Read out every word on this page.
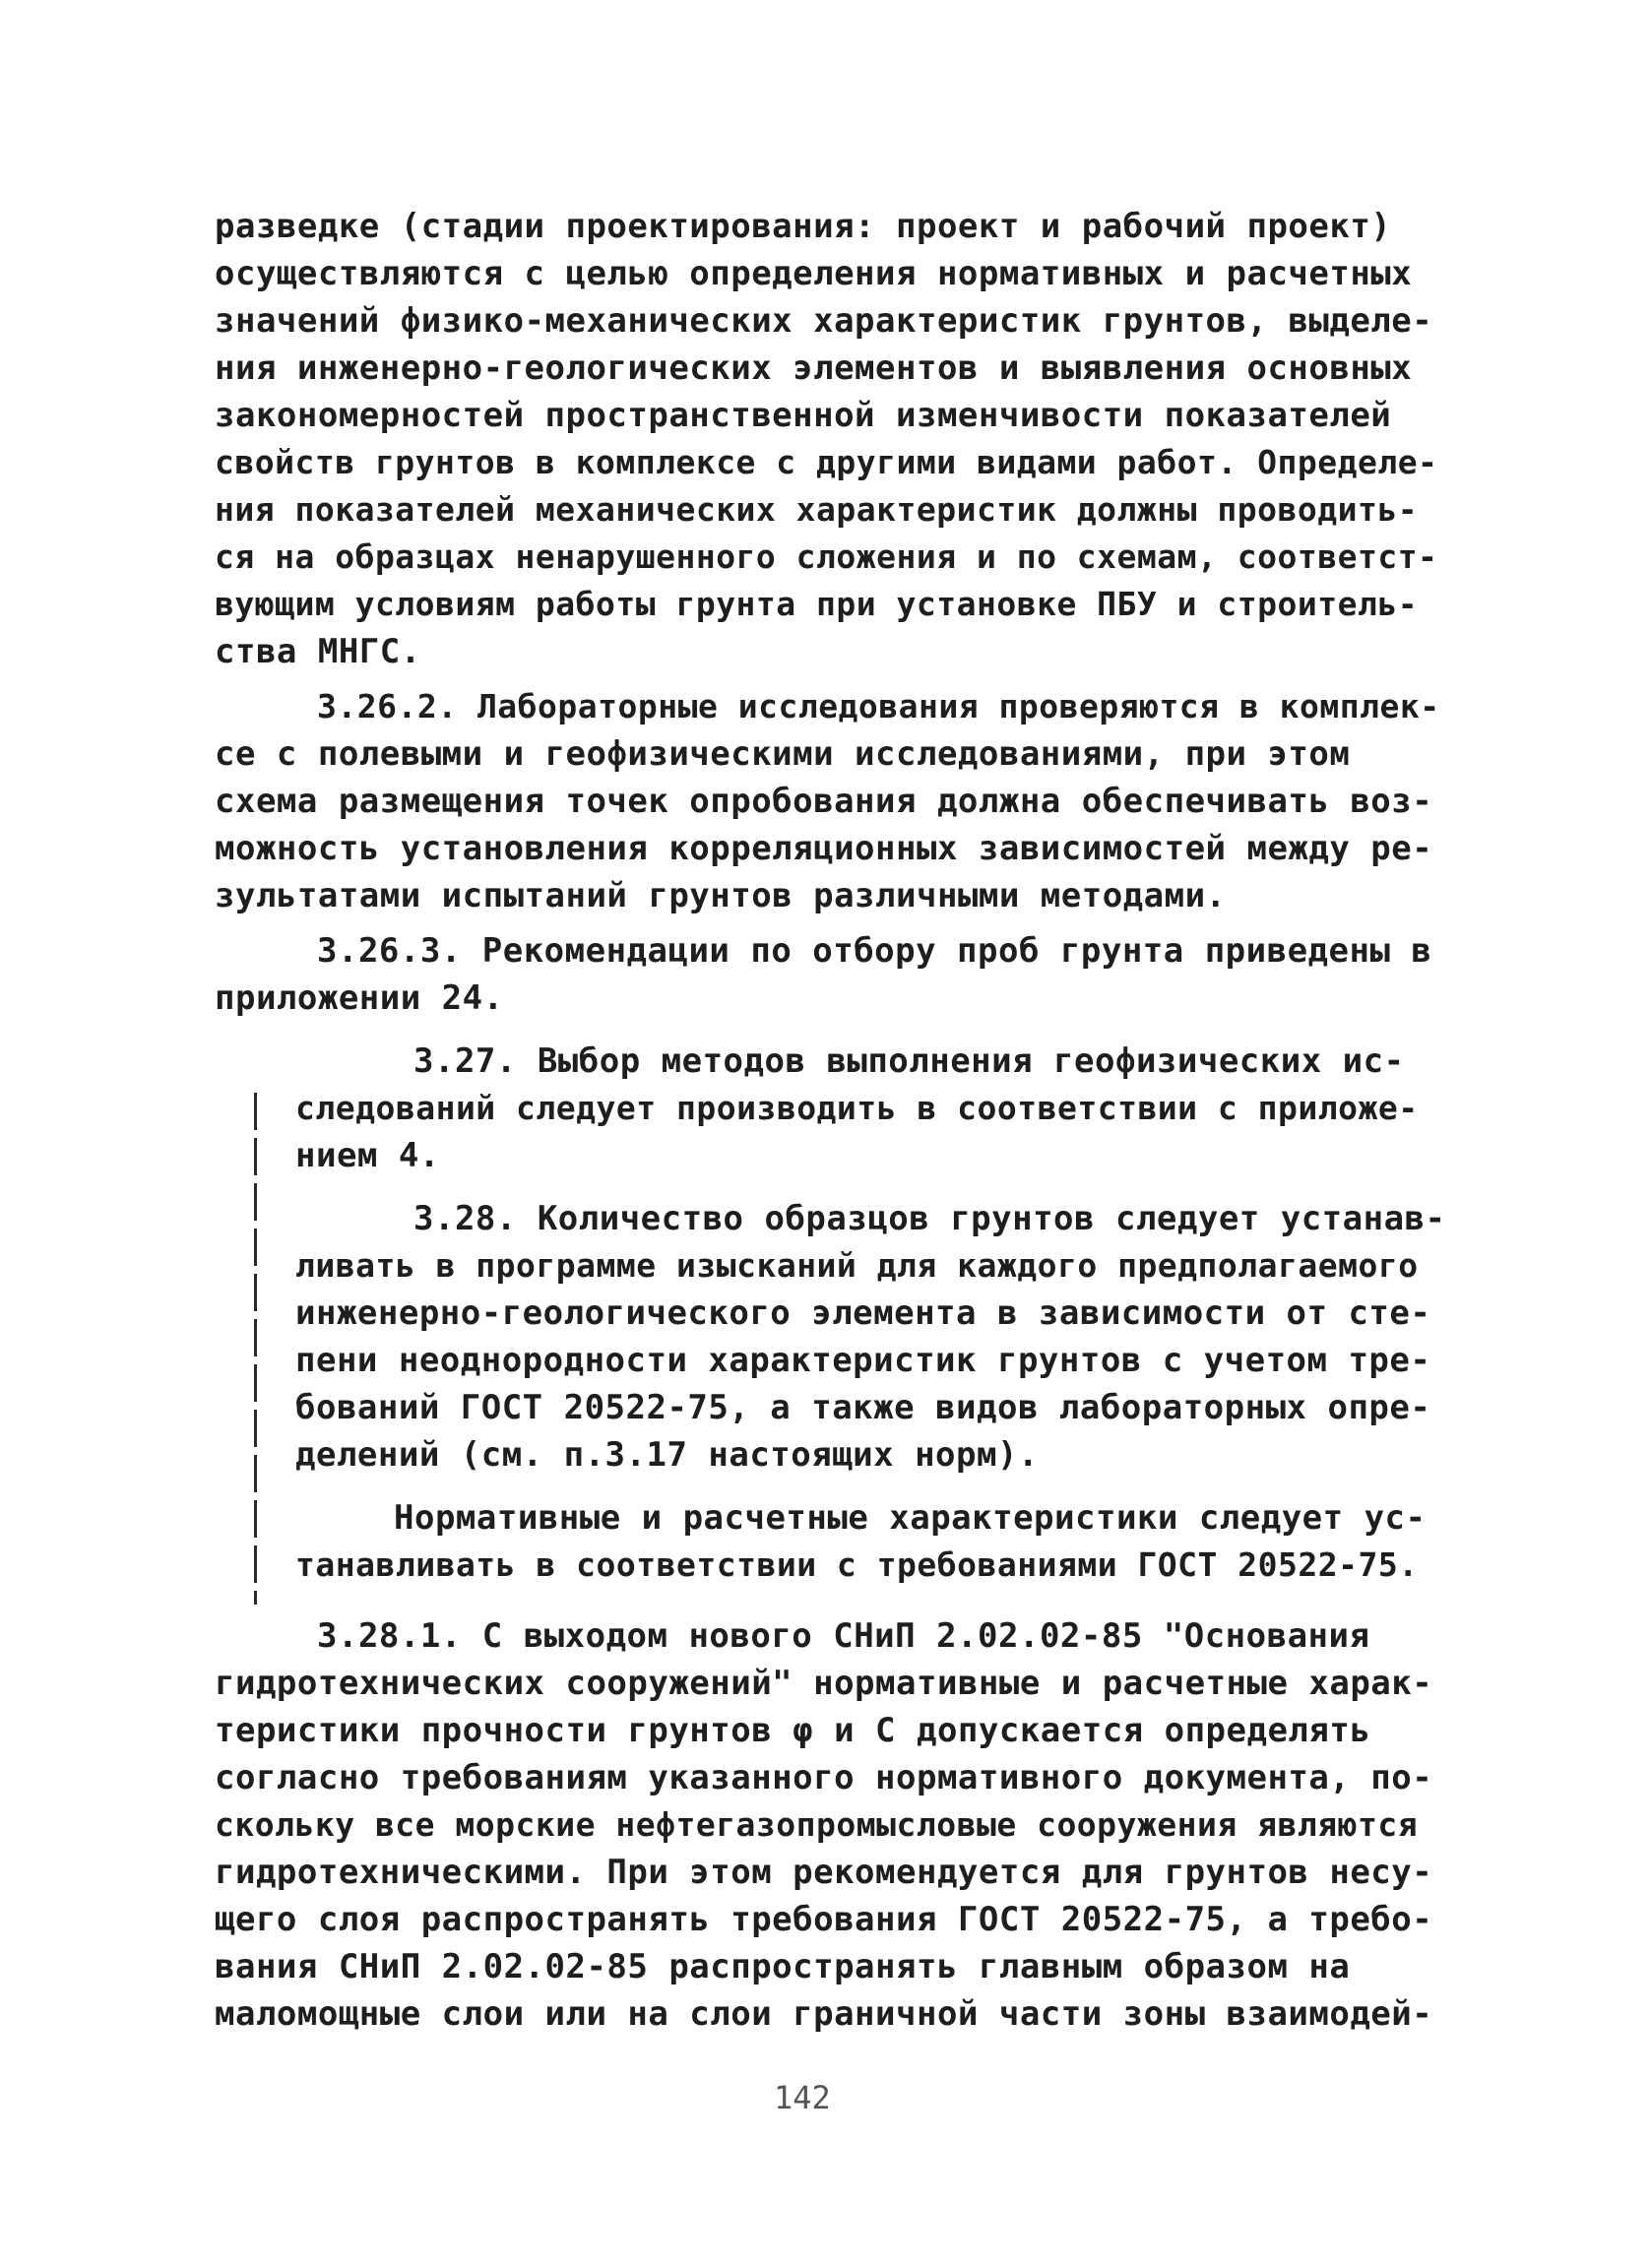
разведке (стадии проектирования: проект и рабочий проект)
осуществляются с целью определения нормативных и расчетных
значений физико-механических характеристик грунтов, выделе-
ния инженерно-геологических элементов и выявления основных
закономерностей пространственной изменчивости показателей
свойств грунтов в комплексе с другими видами работ. Определе-
ния показателей механических характеристик должны проводить-
ся на образцах ненарушенного сложения и по схемам, соответст-
вующим условиям работы грунта при установке ПБУ и строитель-
ства МНГС.
3.26.2. Лабораторные исследования проверяются в комплек-
се с полевыми и геофизическими исследованиями, при этом
схема размещения точек опробования должна обеспечивать воз-
можность установления корреляционных зависимостей между ре-
зультатами испытаний грунтов различными методами.
3.26.3. Рекомендации по отбору проб грунта приведены в
приложении 24.
3.27. Выбор методов выполнения геофизических ис-
следований следует производить в соответствии с приложе-
нием 4.
3.28. Количество образцов грунтов следует устанав-
ливать в программе изысканий для каждого предполагаемого
инженерно-геологического элемента в зависимости от сте-
пени неоднородности характеристик грунтов с учетом тре-
бований ГОСТ 20522-75, а также видов лабораторных опре-
делений (см. п.3.17 настоящих норм).
Нормативные и расчетные характеристики следует ус-
танавливать в соответствии с требованиями ГОСТ 20522-75.
3.28.1. С выходом нового СНиП 2.02.02-85 "Основания
гидротехнических сооружений" нормативные и расчетные харак-
теристики прочности грунтов φ и С допускается определять
согласно требованиям указанного нормативного документа, по-
скольку все морские нефтегазопромысловые сооружения являются
гидротехническими. При этом рекомендуется для грунтов несу-
щего слоя распространять требования ГОСТ 20522-75, а требо-
вания СНиП 2.02.02-85 распространять главным образом на
маломощные слои или на слои граничной части зоны взаимодей-
142
